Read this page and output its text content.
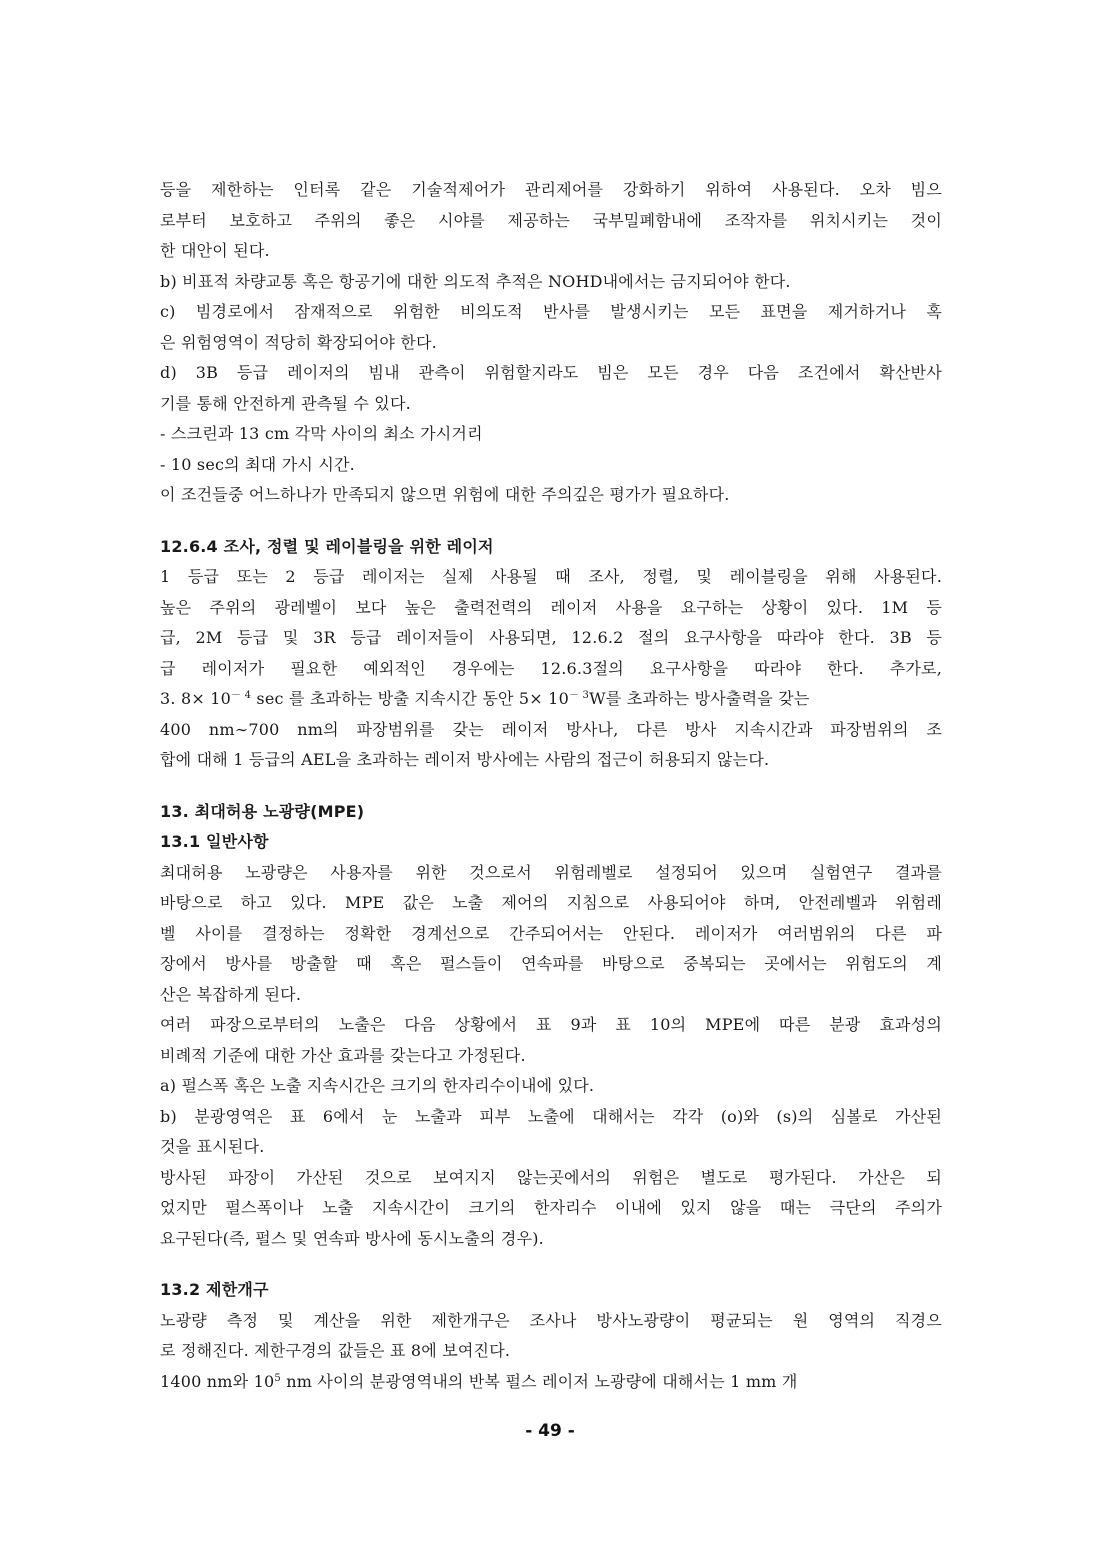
등을 제한하는 인터록 같은 기술적제어가 관리제어를 강화하기 위하여 사용된다. 오차 빔으
로부터 보호하고 주위의 좋은 시야를 제공하는 국부밀폐함내에 조작자를 위치시키는 것이
한 대안이 된다.
b) 비표적 차량교통 혹은 항공기에 대한 의도적 추적은 NOHD내에서는 금지되어야 한다.
c) 빔경로에서 잠재적으로 위험한 비의도적 반사를 발생시키는 모든 표면을 제거하거나 혹
은 위험영역이 적당히 확장되어야 한다.
d) 3B 등급 레이저의 빔내 관측이 위험할지라도 빔은 모든 경우 다음 조건에서 확산반사
기를 통해 안전하게 관측될 수 있다.
- 스크린과 13 cm 각막 사이의 최소 가시거리
- 10 sec의 최대 가시 시간.
이 조건들중 어느하나가 만족되지 않으면 위험에 대한 주의깊은 평가가 필요하다.
12.6.4 조사, 정렬 및 레이블링을 위한 레이저
1 등급 또는 2 등급 레이저는 실제 사용될 때 조사, 정렬, 및 레이블링을 위해 사용된다.
높은 주위의 광레벨이 보다 높은 출력전력의 레이저 사용을 요구하는 상황이 있다. 1M 등
급, 2M 등급 및 3R 등급 레이저들이 사용되면, 12.6.2 절의 요구사항을 따라야 한다. 3B 등
급 레이저가 필요한 예외적인 경우에는 12.6.3절의 요구사항을 따라야 한다. 추가로,
3. $8\times 10^{- 4}$ sec 를 초과하는 방출 지속시간 동안 $5\times 10^{- 3}W$를 초과하는 방사출력을 갖는
400 nm∼700 nm의 파장범위를 갖는 레이저 방사나, 다른 방사 지속시간과 파장범위의 조
합에 대해 1 등급의 AEL을 초과하는 레이저 방사에는 사람의 접근이 허용되지 않는다.
13. 최대허용 노광량(MPE)
13.1 일반사항
최대허용 노광량은 사용자를 위한 것으로서 위험레벨로 설정되어 있으며 실험연구 결과를
바탕으로 하고 있다. MPE 값은 노출 제어의 지침으로 사용되어야 하며, 안전레벨과 위험레
벨 사이를 결정하는 정확한 경계선으로 간주되어서는 안된다. 레이저가 여러범위의 다른 파
장에서 방사를 방출할 때 혹은 펄스들이 연속파를 바탕으로 중복되는 곳에서는 위험도의 계
산은 복잡하게 된다.
여러 파장으로부터의 노출은 다음 상황에서 표 9과 표 10의 MPE에 따른 분광 효과성의
비례적 기준에 대한 가산 효과를 갖는다고 가정된다.
a) 펄스폭 혹은 노출 지속시간은 크기의 한자리수이내에 있다.
b) 분광영역은 표 6에서 눈 노출과 피부 노출에 대해서는 각각 (o)와 (s)의 심볼로 가산된
것을 표시된다.
방사된 파장이 가산된 것으로 보여지지 않는곳에서의 위험은 별도로 평가된다. 가산은 되
었지만 펄스폭이나 노출 지속시간이 크기의 한자리수 이내에 있지 않을 때는 극단의 주의가
요구된다(즉, 펄스 및 연속파 방사에 동시노출의 경우).
13.2 제한개구
노광량 측정 및 계산을 위한 제한개구은 조사나 방사노광량이 평균되는 원 영역의 직경으
로 정해진다. 제한구경의 값들은 표 8에 보여진다.
1400 nm와 $10^5$ nm 사이의 분광영역내의 반복 펄스 레이저 노광량에 대해서는 1 mm 개
- 49 -
